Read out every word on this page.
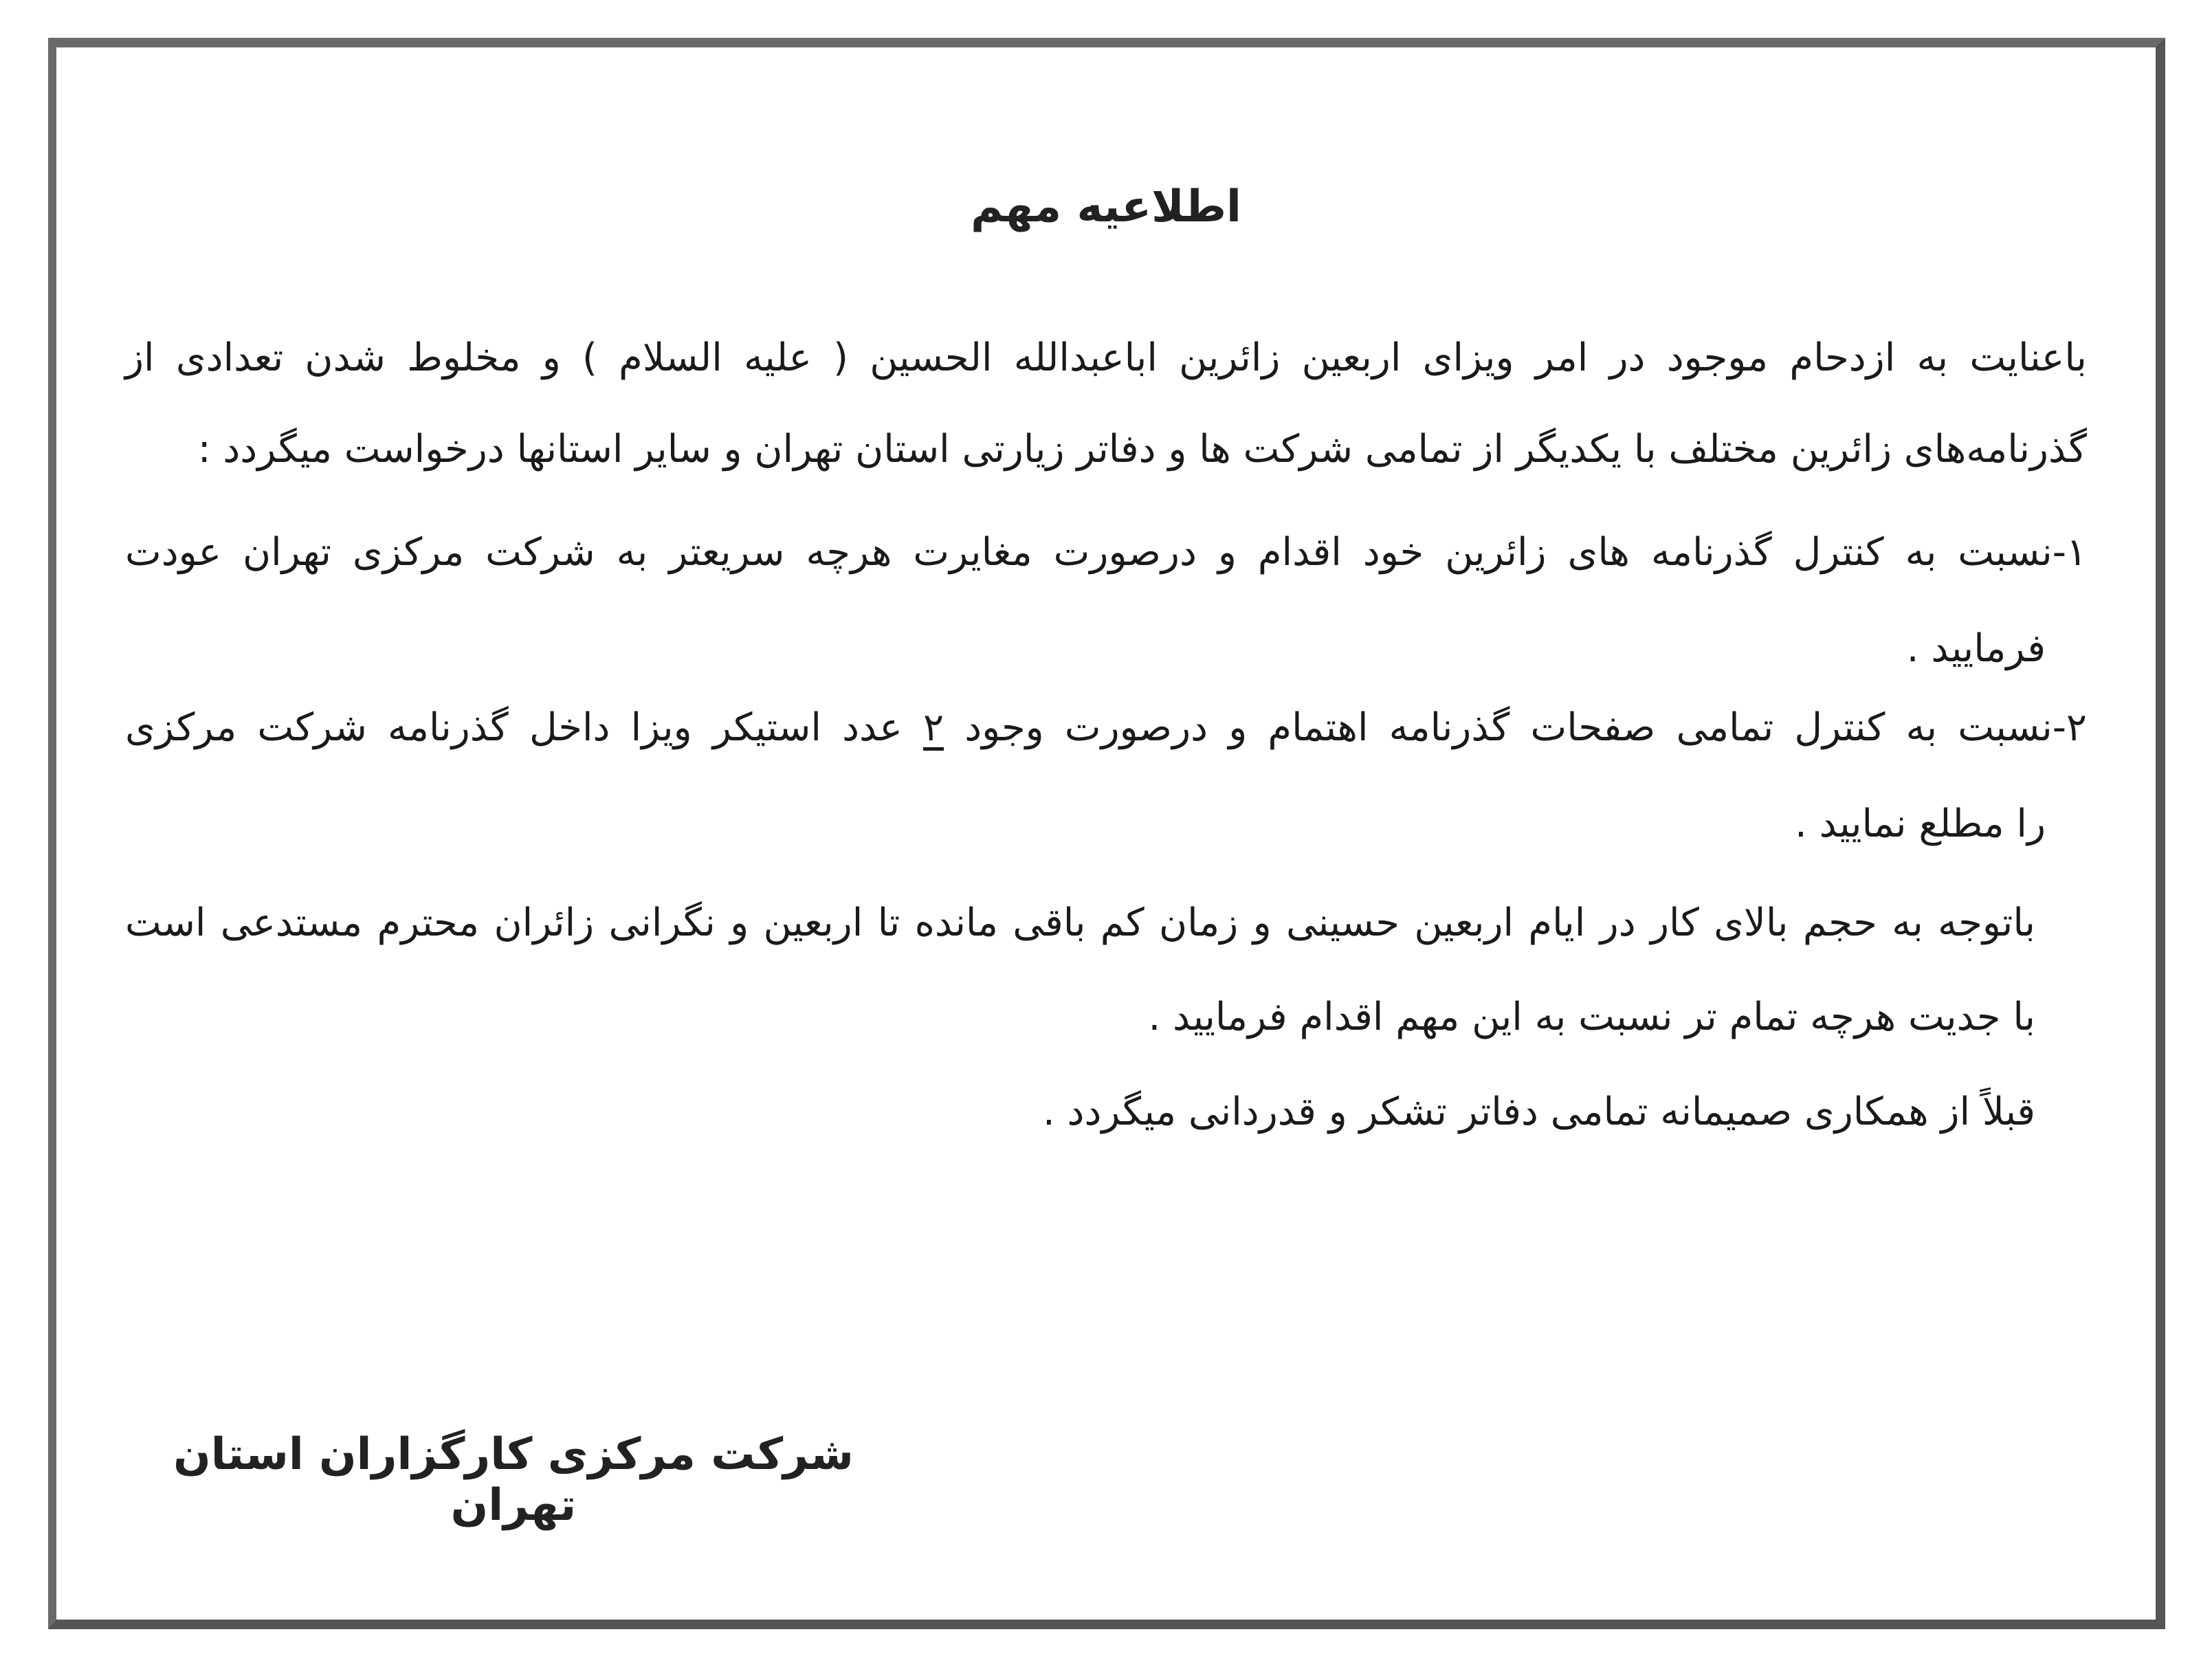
اطلاعیه مهم
باعنایت به ازدحام موجود در امر ویزای اربعین زائرین اباعبدالله الحسین ( علیه السلام ) و مخلوط شدن تعدادی از گذرنامه‌های زائرین مختلف با یکدیگر از تمامی شرکت ها و دفاتر زیارتی استان تهران و سایر استانها درخواست میگردد :
۱-نسبت به کنترل گذرنامه های زائرین خود اقدام و درصورت مغایرت هرچه سریعتر به شرکت مرکزی تهران عودت
فرمایید .
۲-نسبت به کنترل تمامی صفحات گذرنامه اهتمام و درصورت وجود ۲ عدد استیکر ویزا داخل گذرنامه شرکت مرکزی
را مطلع نمایید .
باتوجه به حجم بالای کار در ایام اربعین حسینی و زمان کم باقی مانده تا اربعین و نگرانی زائران محترم مستدعی است
با جدیت هرچه تمام تر نسبت به این مهم اقدام فرمایید .
قبلاً از همکاری صمیمانه تمامی دفاتر تشکر و قدردانی میگردد .
شرکت مرکزی کارگزاران استان تهران
